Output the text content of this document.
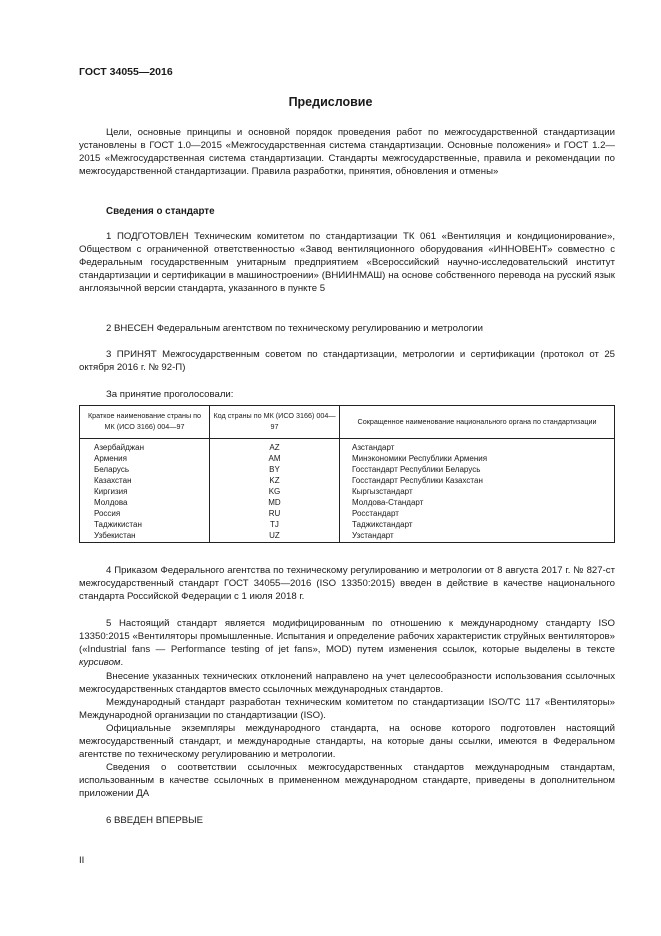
ГОСТ 34055—2016
Предисловие

Цели, основные принципы и основной порядок проведения работ по межгосударственной стандартизации установлены в ГОСТ 1.0—2015 «Межгосударственная система стандартизации. Основные положения» и ГОСТ 1.2—2015 «Межгосударственная система стандартизации. Стандарты межгосударственные, правила и рекомендации по межгосударственной стандартизации. Правила разработки, принятия, обновления и отмены»

Сведения о стандарте

1 ПОДГОТОВЛЕН Техническим комитетом по стандартизации ТК 061 «Вентиляция и кондиционирование», Обществом с ограниченной ответственностью «Завод вентиляционного оборудования «ИННОВЕНТ» совместно с Федеральным государственным унитарным предприятием «Всероссийский научно-исследовательский институт стандартизации и сертификации в машиностроении» (ВНИИНМАШ) на основе собственного перевода на русский язык англоязычной версии стандарта, указанного в пункте 5

2 ВНЕСЕН Федеральным агентством по техническому регулированию и метрологии

3 ПРИНЯТ Межгосударственным советом по стандартизации, метрологии и сертификации (протокол от 25 октября 2016 г. № 92-П)

За принятие проголосовали:
Краткое наименование страны по МК (ИСО 3166) 004—97	Код страны по МК (ИСО 3166) 004—97	Сокращенное наименование национального органа по стандартизации
Азербайджан	AZ	Азстандарт
Армения	AM	Минэкономики Республики Армения
Беларусь	BY	Госстандарт Республики Беларусь
Казахстан	KZ	Госстандарт Республики Казахстан
Киргизия	KG	Кыргызстандарт
Молдова	MD	Молдова-Стандарт
Россия	RU	Росстандарт
Таджикистан	TJ	Таджикстандарт
Узбекистан	UZ	Узстандарт

4 Приказом Федерального агентства по техническому регулированию и метрологии от 8 августа 2017 г. № 827-ст межгосударственный стандарт ГОСТ 34055—2016 (ISO 13350:2015) введен в действие в качестве национального стандарта Российской Федерации с 1 июля 2018 г.

5 Настоящий стандарт является модифицированным по отношению к международному стандарту ISO 13350:2015 «Вентиляторы промышленные. Испытания и определение рабочих характеристик струйных вентиляторов» («Industrial fans — Performance testing of jet fans», MOD) путем изменения ссылок, которые выделены в тексте курсивом.

Внесение указанных технических отклонений направлено на учет целесообразности использования ссылочных межгосударственных стандартов вместо ссылочных международных стандартов.

Международный стандарт разработан техническим комитетом по стандартизации ISO/TC 117 «Вентиляторы» Международной организации по стандартизации (ISO).

Официальные экземпляры международного стандарта, на основе которого подготовлен настоящий межгосударственный стандарт, и международные стандарты, на которые даны ссылки, имеются в Федеральном агентстве по техническому регулированию и метрологии.

Сведения о соответствии ссылочных межгосударственных стандартов международным стандартам, использованным в качестве ссылочных в примененном международном стандарте, приведены в дополнительном приложении ДА

6 ВВЕДЕН ВПЕРВЫЕ
II
